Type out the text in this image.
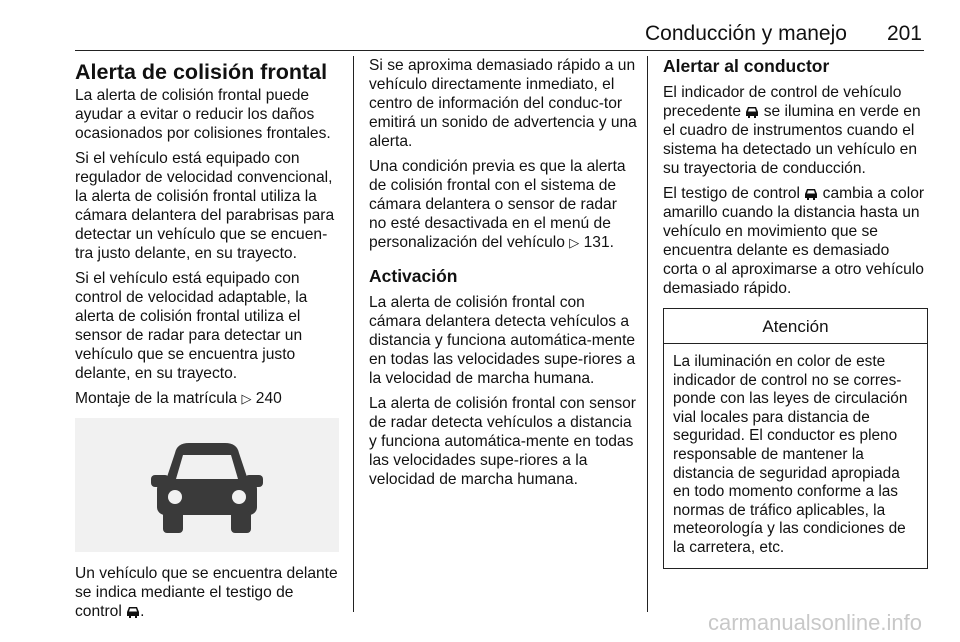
Conducción y manejo 201
Alerta de colisión frontal

La alerta de colisión frontal puede ayudar a evitar o reducir los daños ocasionados por colisiones frontales.

Si el vehículo está equipado con regulador de velocidad convencional, la alerta de colisión frontal utiliza la cámara delantera del parabrisas para detectar un vehículo que se encuen-tra justo delante, en su trayecto.

Si el vehículo está equipado con control de velocidad adaptable, la alerta de colisión frontal utiliza el sensor de radar para detectar un vehículo que se encuentra justo delante, en su trayecto.

Montaje de la matrícula ▷ 240

Un vehículo que se encuentra delante se indica mediante el testigo de control .

Si se aproxima demasiado rápido a un vehículo directamente inmediato, el centro de información del conduc-tor emitirá un sonido de advertencia y una alerta.

Una condición previa es que la alerta de colisión frontal con el sistema de cámara delantera o sensor de radar no esté desactivada en el menú de personalización del vehículo ▷ 131.

Activación

La alerta de colisión frontal con cámara delantera detecta vehículos a distancia y funciona automática-mente en todas las velocidades supe-riores a la velocidad de marcha humana.

La alerta de colisión frontal con sensor de radar detecta vehículos a distancia y funciona automática-mente en todas las velocidades supe-riores a la velocidad de marcha humana.

Alertar al conductor

El indicador de control de vehículo precedente se ilumina en verde en el cuadro de instrumentos cuando el sistema ha detectado un vehículo en su trayectoria de conducción.

El testigo de control cambia a color amarillo cuando la distancia hasta un vehículo en movimiento que se encuentra delante es demasiado corta o al aproximarse a otro vehículo demasiado rápido.

Atención
La iluminación en color de este indicador de control no se corres-ponde con las leyes de circulación vial locales para distancia de seguridad. El conductor es pleno responsable de mantener la distancia de seguridad apropiada en todo momento conforme a las normas de tráfico aplicables, la meteorología y las condiciones de la carretera, etc.
carmanualsonline.info
